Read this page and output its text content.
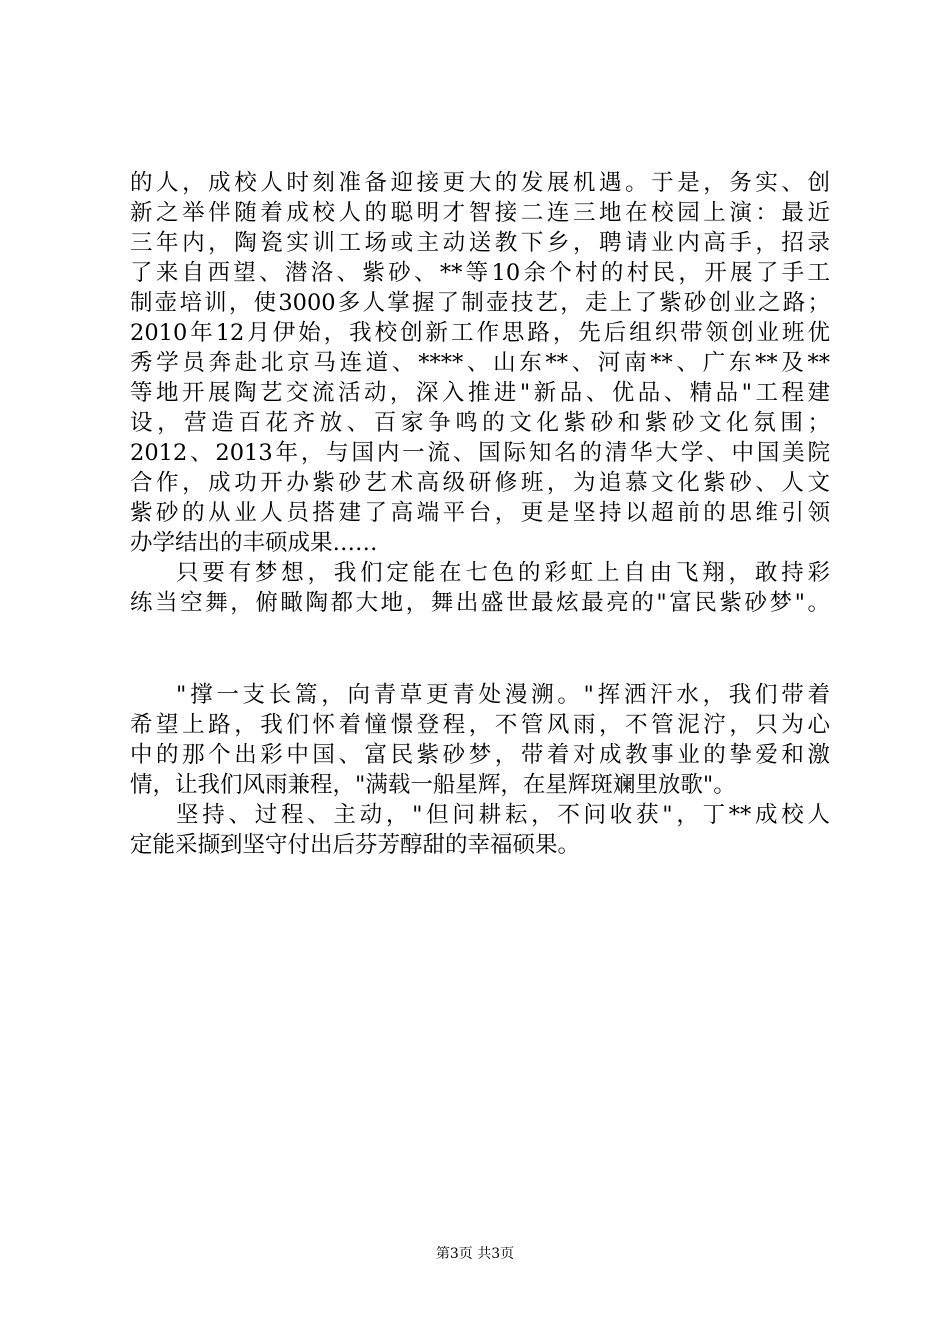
的人，成校人时刻准备迎接更大的发展机遇。于是，务实、创
新之举伴随着成校人的聪明才智接二连三地在校园上演：最近
三年内，陶瓷实训工场或主动送教下乡，聘请业内高手，招录
了来自西望、潜洛、紫砂、**等10余个村的村民，开展了手工
制壶培训，使3000多人掌握了制壶技艺，走上了紫砂创业之路；
2010年12月伊始，我校创新工作思路，先后组织带领创业班优
秀学员奔赴北京马连道、****、山东**、河南**、广东**及**
等地开展陶艺交流活动，深入推进"新品、优品、精品"工程建
设，营造百花齐放、百家争鸣的文化紫砂和紫砂文化氛围；
2012、2013年，与国内一流、国际知名的清华大学、中国美院
合作，成功开办紫砂艺术高级研修班，为追慕文化紫砂、人文
紫砂的从业人员搭建了高端平台，更是坚持以超前的思维引领
办学结出的丰硕成果……
只要有梦想，我们定能在七色的彩虹上自由飞翔，敢持彩
练当空舞，俯瞰陶都大地，舞出盛世最炫最亮的"富民紫砂梦"。
"撑一支长篙，向青草更青处漫溯。"挥洒汗水，我们带着
希望上路，我们怀着憧憬登程，不管风雨，不管泥泞，只为心
中的那个出彩中国、富民紫砂梦，带着对成教事业的挚爱和激
情，让我们风雨兼程，"满载一船星辉，在星辉斑斓里放歌"。
坚持、过程、主动，"但问耕耘，不问收获"，丁**成校人
定能采撷到坚守付出后芬芳醇甜的幸福硕果。
第3页 共3页
